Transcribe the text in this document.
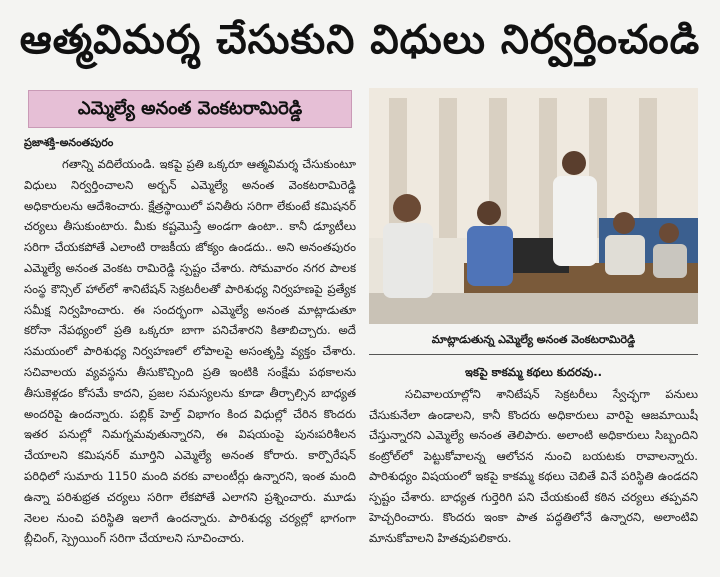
ఆత్మవిమర్శ చేసుకుని విధులు నిర్వర్తించండి
ఎమ్మెల్యే అనంత వెంకటరామిరెడ్డి
ప్రజాశక్తి-అనంతపురం

గతాన్ని వదిలేయండి. ఇకపై ప్రతి ఒక్కరూ ఆత్మవిమర్శ చేసుకుంటూ విధులు నిర్వర్తించాలని అర్బన్ ఎమ్మెల్యే అనంత వెంకటరామిరెడ్డి అధికారులను ఆదేశించారు. క్షేత్రస్థాయిలో పనితీరు సరిగా లేకుంటే కమిషనర్ చర్యలు తీసుకుంటారు. మీకు కష్టమొస్తే అండగా ఉంటా.. కానీ డ్యూటీలు సరిగా చేయకపోతే ఎలాంటి రాజకీయ జోక్యం ఉండదు.. అని అనంతపురం ఎమ్మెల్యే అనంత వెంకట రామిరెడ్డి స్పష్టం చేశారు. సోమవారం నగర పాలక సంస్థ కౌన్సిల్ హాల్‌లో శానిటేషన్ సెక్రటరీలతో పారిశుధ్య నిర్వహణపై ప్రత్యేక సమీక్ష నిర్వహించారు. ఈ సందర్భంగా ఎమ్మెల్యే అనంత మాట్లాడుతూ కరోనా నేపథ్యంలో ప్రతి ఒక్కరూ బాగా పనిచేశారని కితాబిచ్చారు. అదే సమయంలో పారిశుధ్య నిర్వహణలో లోపాలపై అసంతృప్తి వ్యక్తం చేశారు. సచివాలయ వ్యవస్థను తీసుకొచ్చింది ప్రతి ఇంటికి సంక్షేమ పథకాలను తీసుకెళ్లడం కోసమే కాదని, ప్రజల సమస్యలను కూడా తీర్చాల్సిన బాధ్యత అందరిపై ఉందన్నారు. పబ్లిక్ హెల్త్ విభాగం కింద విధుల్లో చేరిన కొందరు ఇతర పనుల్లో నిమగ్నమవుతున్నారని, ఈ విషయంపై పునఃపరిశీలన చేయాలని కమిషనర్ మూర్తిని ఎమ్మెల్యే అనంత కోరారు. కార్పొరేషన్ పరిధిలో సుమారు 1150 మంది వరకు వాలంటీర్లు ఉన్నారని, ఇంత మంది ఉన్నా పరిశుభ్రత చర్యలు సరిగా లేకపోతే ఎలాగని ప్రశ్నించారు. మూడు నెలల నుంచి పరిస్థితి ఇలాగే ఉందన్నారు. పారిశుధ్య చర్యల్లో భాగంగా బ్లీచింగ్, స్ప్రెయింగ్ సరిగా చేయాలని సూచించారు.

మాట్లాడుతున్న ఎమ్మెల్యే అనంత వెంకటరామిరెడ్డి
ఇకపై కాకమ్మ కథలు కుదరవు..

సచివాలయాల్లోని శానిటేషన్ సెక్రటరీలు స్వేచ్ఛగా పనులు చేసుకునేలా ఉండాలని, కానీ కొందరు అధికారులు వారిపై ఆజమాయిషీ చేస్తున్నారని ఎమ్మెల్యే అనంత తెలిపారు. అలాంటి అధికారులు సిబ్బందిని కంట్రోల్‌లో పెట్టుకోవాలన్న ఆలోచన నుంచి బయటకు రావాలన్నారు. పారిశుధ్యం విషయంలో ఇకపై కాకమ్మ కథలు చెబితే వినే పరిస్థితి ఉండదని స్పష్టం చేశారు. బాధ్యత గుర్తెరిగి పని చేయకుంటే కఠిన చర్యలు తప్పవని హెచ్చరించారు. కొందరు ఇంకా పాత పద్ధతిలోనే ఉన్నారని, అలాంటివి మానుకోవాలని హితవుపలికారు.
